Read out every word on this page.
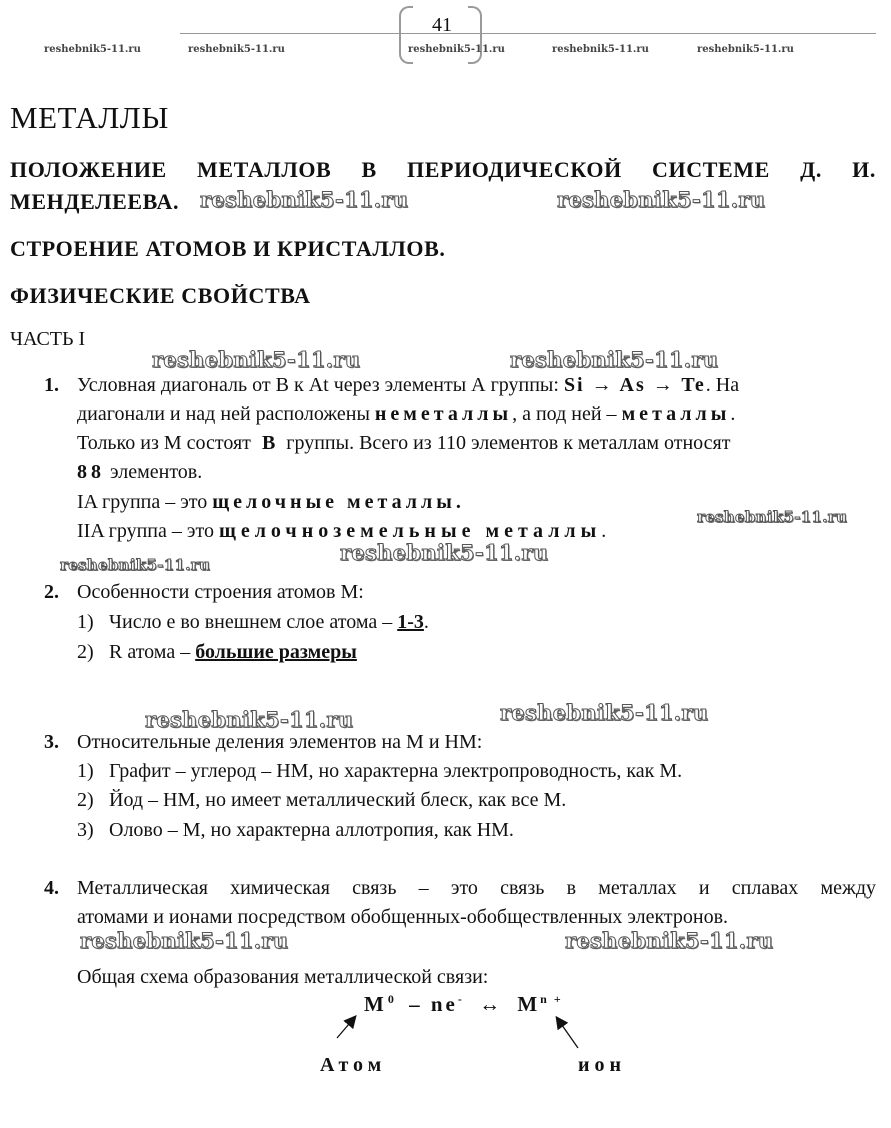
41
reshebnik5-11.ru	reshebnik5-11.ru	reshebnik5-11.ru	reshebnik5-11.ru	reshebnik5-11.ru
МЕТАЛЛЫ
ПОЛОЖЕНИЕ МЕТАЛЛОВ В ПЕРИОДИЧЕСКОЙ СИСТЕМЕ Д. И.
МЕНДЕЛЕЕВА. reshebnik5-11.ru	reshebnik5-11.ru
СТРОЕНИЕ АТОМОВ И КРИСТАЛЛОВ.
ФИЗИЧЕСКИЕ СВОЙСТВА
ЧАСТЬ I
reshebnik5-11.ru	reshebnik5-11.ru
1. Условная диагональ от В к At через элементы А группы: Si → As → Te. На
диагонали и над ней расположены неметаллы, а под ней – металлы.
Только из М состоят B группы. Всего из 110 элементов к металлам относят
88 элементов.
IA группа – это щелочные металлы.
IIA группа – это щелочноземельные металлы.
reshebnik5-11.ru
reshebnik5-11.ru
reshebnik5-11.ru
2. Особенности строения атомов М:
1) Число е во внешнем слое атома – 1-3.
2) R атома – большие размеры
reshebnik5-11.ru	reshebnik5-11.ru
3. Относительные деления элементов на М и НМ:
1) Графит – углерод – НМ, но характерна электропроводность, как М.
2) Йод – НМ, но имеет металлический блеск, как все М.
3) Олово – М, но характерна аллотропия, как НМ.
4. Металлическая химическая связь – это связь в металлах и сплавах между
атомами и ионами посредством обобщенных-обобществленных электронов.
reshebnik5-11.ru	reshebnik5-11.ru
Общая схема образования металлической связи:
M $^0$ – ne- ↔ M $^{n +}$
Атом	ион
